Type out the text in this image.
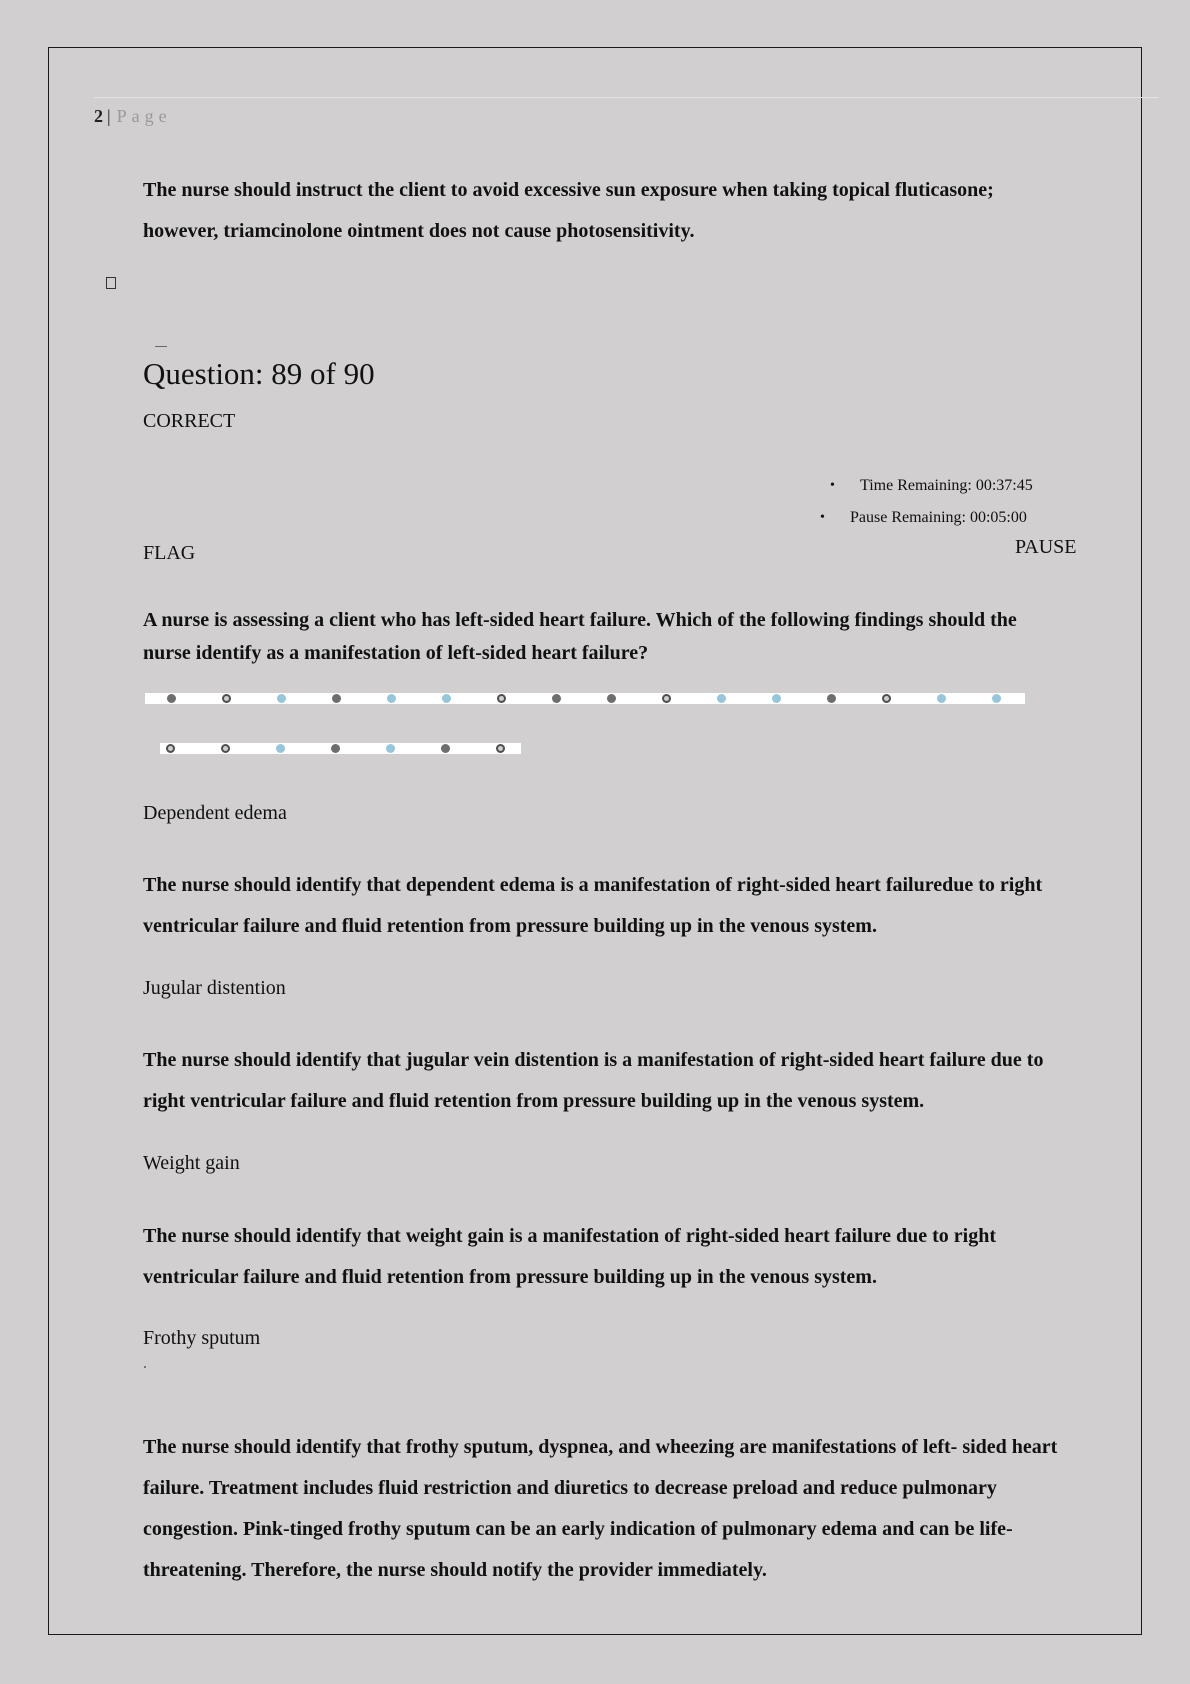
2 | Page

The nurse should instruct the client to avoid excessive sun exposure when taking topical fluticasone; however, triamcinolone ointment does not cause photosensitivity.

Question: 89 of 90
CORRECT
•	Time Remaining: 00:37:45
•	Pause Remaining: 00:05:00
FLAG	PAUSE

A nurse is assessing a client who has left-sided heart failure. Which of the following findings should the nurse identify as a manifestation of left-sided heart failure?

Dependent edema

The nurse should identify that dependent edema is a manifestation of right-sided heart failuredue to right ventricular failure and fluid retention from pressure building up in the venous system.

Jugular distention

The nurse should identify that jugular vein distention is a manifestation of right-sided heart failure due to right ventricular failure and fluid retention from pressure building up in the venous system.

Weight gain

The nurse should identify that weight gain is a manifestation of right-sided heart failure due to right ventricular failure and fluid retention from pressure building up in the venous system.

Frothy sputum

The nurse should identify that frothy sputum, dyspnea, and wheezing are manifestations of left- sided heart failure. Treatment includes fluid restriction and diuretics to decrease preload and reduce pulmonary congestion. Pink-tinged frothy sputum can be an early indication of pulmonary edema and can be life-threatening. Therefore, the nurse should notify the provider immediately.
